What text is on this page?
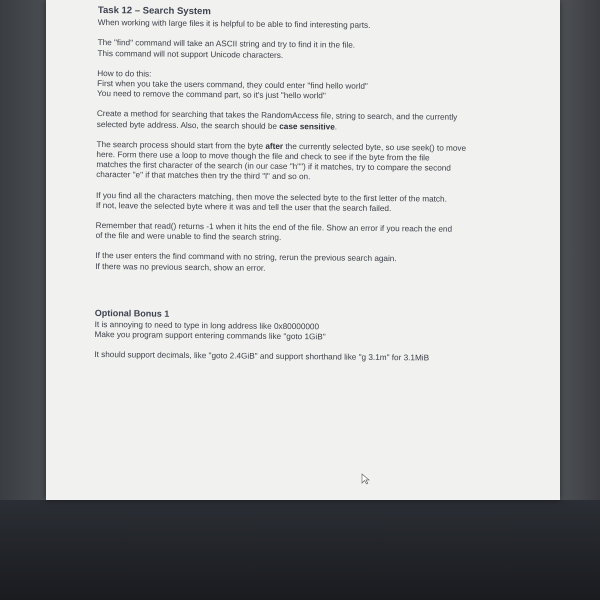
Task 12 – Search System
When working with large files it is helpful to be able to find interesting parts.
The "find" command will take an ASCII string and try to find it in the file.
This command will not support Unicode characters.
How to do this:
First when you take the users command, they could enter "find hello world"
You need to remove the command part, so it's just "hello world"
Create a method for searching that takes the RandomAccess file, string to search, and the currently
selected byte address. Also, the search should be case sensitive.
The search process should start from the byte after the currently selected byte, so use seek() to move
here. Form there use a loop to move though the file and check to see if the byte from the file
matches the first character of the search (in our case "h"") if it matches, try to compare the second
character "e" if that matches then try the third "l" and so on.
If you find all the characters matching, then move the selected byte to the first letter of the match.
If not, leave the selected byte where it was and tell the user that the search failed.
Remember that read() returns -1 when it hits the end of the file. Show an error if you reach the end
of the file and were unable to find the search string.
If the user enters the find command with no string, rerun the previous search again.
If there was no previous search, show an error.
Optional Bonus 1
It is annoying to need to type in long address like 0x80000000
Make you program support entering commands like "goto 1GiB"
It should support decimals, like "goto 2.4GiB" and support shorthand like "g 3.1m" for 3.1MiB
